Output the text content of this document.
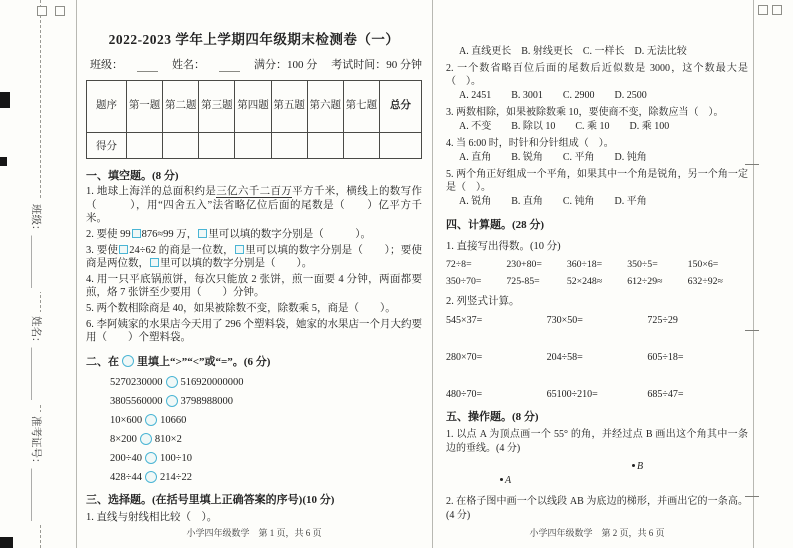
班级：＿＿＿＿＿
姓名：＿＿＿＿＿
准考证号：＿＿＿＿＿
2022-2023 学年上学期四年级期末检测卷（一）
班级：	姓名：	满分：100 分 考试时间：90 分钟
题序	第一题	第二题	第三题	第四题	第五题	第六题	第七题	总分
得分								
一、填空题。(8 分)
1. 地球上海洋的总面积约是三亿六千二百万平方千米，横线上的数写作（　　　），用“四舍五入”法省略亿位后面的尾数是（　　）亿平方千米。
2. 要使 99 876≈99 万， 里可以填的数字分别是（　　　）。
3. 要使 24÷62 的商是一位数， 里可以填的数字分别是（　　）；要使商是两位数， 里可以填的数字分别是（　　）。
4. 用一只平底锅煎饼，每次只能放 2 张饼，煎一面要 4 分钟，两面都要煎，烙 7 张饼至少要用（　　）分钟。
5. 两个数相除商是 40，如果被除数不变，除数乘 5，商是（　　）。
6. 李阿姨家的水果店今天用了 296 个塑料袋，她家的水果店一个月大约要用（　　）个塑料袋。
二、在 里填上“>”“<”或“=”。(6 分)
5270230000 516920000000
3805560000 3798988000
10×600 10660
8×200 810×2
200÷40 100÷10
428÷44 214÷22
三、选择题。(在括号里填上正确答案的序号)(10 分)
1. 直线与射线相比较（　）。
A. 直线更长　B. 射线更长　C. 一样长　D. 无法比较
2. 一个数省略百位后面的尾数后近似数是 3000，这个数最大是（　）。
A. 2451　　B. 3001　　C. 2900　　D. 2500
3. 两数相除，如果被除数乘 10，要使商不变，除数应当（　）。
A. 不变　　B. 除以 10　　C. 乘 10　　D. 乘 100
4. 当 6:00 时，时针和分针组成（　）。
A. 直角　　B. 锐角　　C. 平角　　D. 钝角
5. 两个角正好组成一个平角，如果其中一个角是锐角，另一个角一定是（　）。
A. 锐角　　B. 直角　　C. 钝角　　D. 平角
四、计算题。(28 分)
1. 直接写出得数。(10 分)
72÷8=	230+80=	360÷18=	350÷5=	150×6=
350÷70=	725-85=	52×248≈	612÷29≈	632÷92≈
2. 列竖式计算。
545×37=	730×50=	725÷29
280×70=	204÷58=	605÷18=
480÷70=	65100÷210=	685÷47=
五、操作题。(8 分)
1. 以点 A 为顶点画一个 55° 的角，并经过点 B 画出这个角其中一条边的垂线。(4 分)
A
B
2. 在格子图中画一个以线段 AB 为底边的梯形，并画出它的一条高。(4 分)
小学四年级数学　第 1 页，共 6 页	小学四年级数学　第 2 页，共 6 页
